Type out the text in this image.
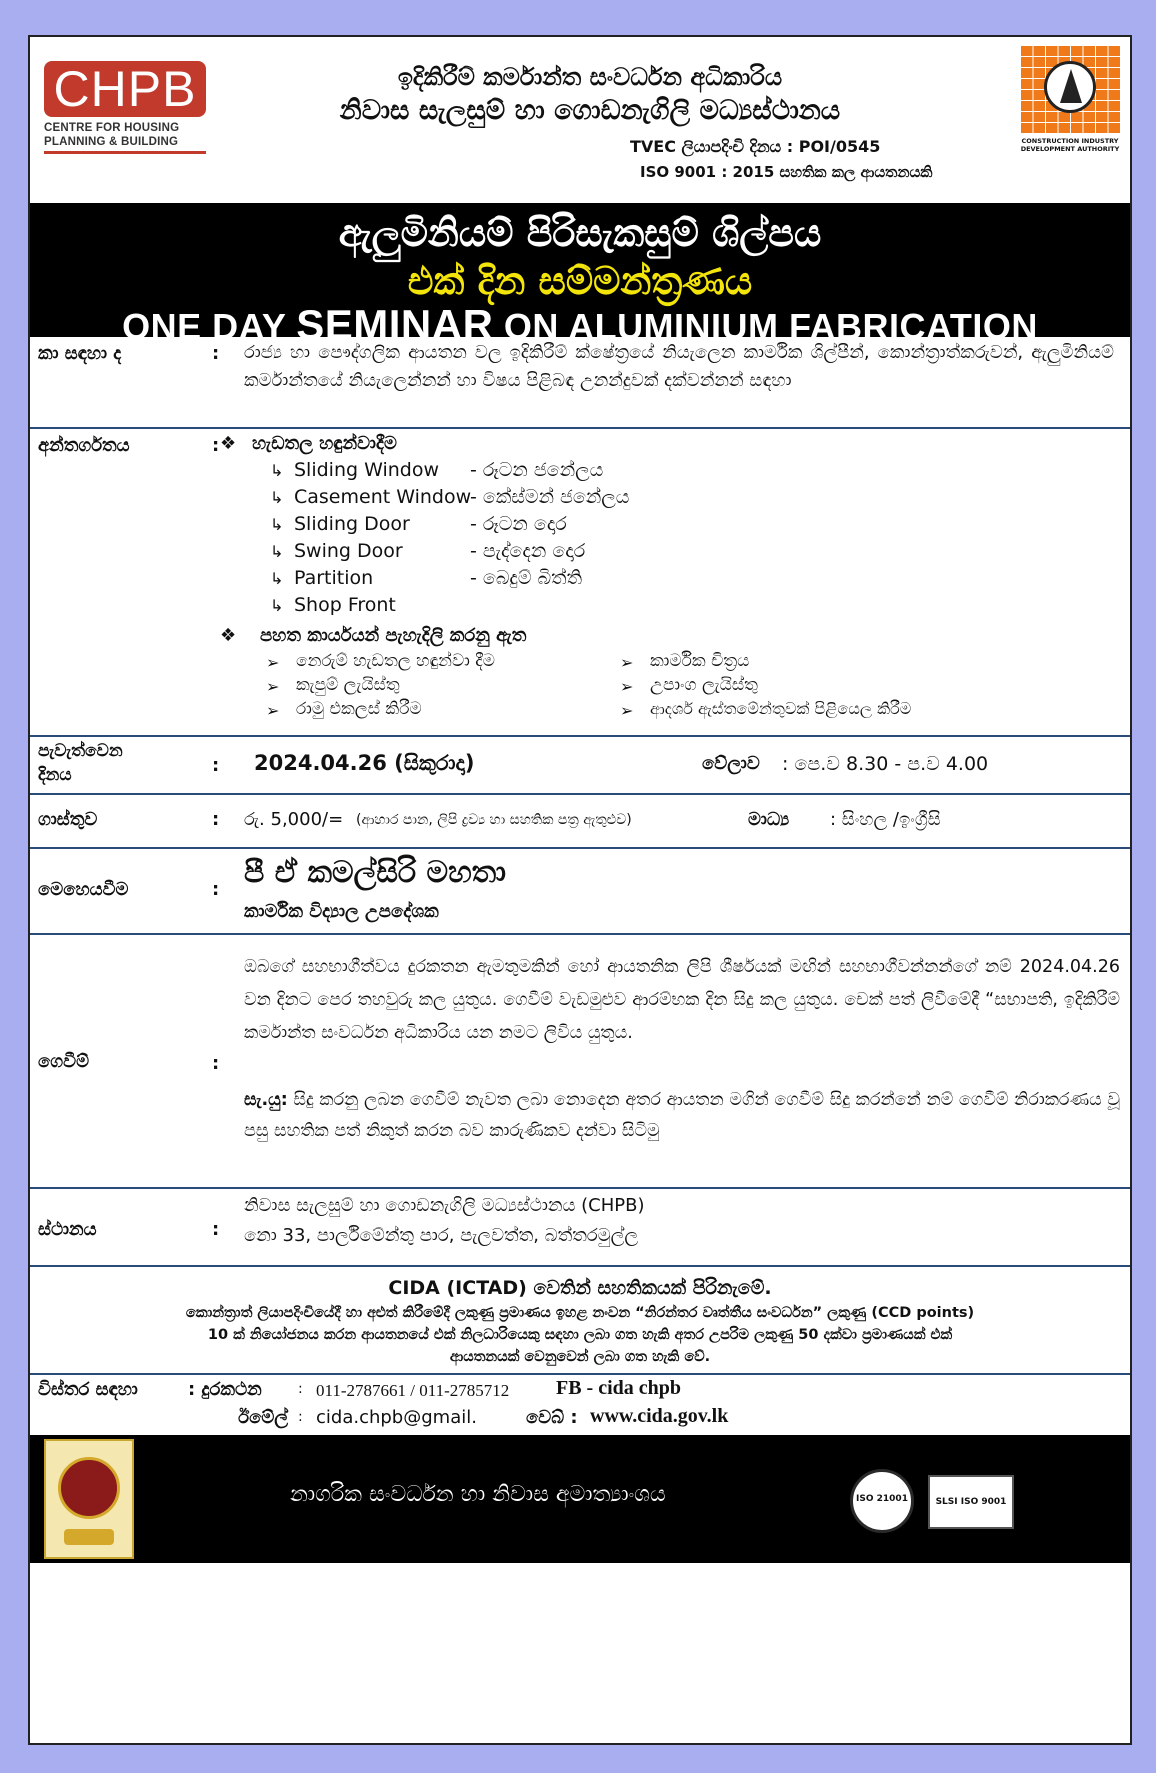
CHPB
CENTRE FOR HOUSING
PLANNING & BUILDING
ඉදිකිරීම් කර්මාන්ත සංවර්ධන අධිකාරිය
නිවාස සැලසුම් හා ගොඩනැගිලි මධ්‍යස්ථානය
TVEC ලියාපදිංචි දිනය : POI/0545
ISO 9001 : 2015 සහතික කල ආයතනයකි
CONSTRUCTION INDUSTRY DEVELOPMENT AUTHORITY
ඇලුමිනියම් පිරිසැකසුම් ශිල්පය
එක් දින සම්මන්ත්‍රණය
ONE DAY SEMINAR ON ALUMINIUM FABRICATION
කා සඳහා ද	: රාජ්‍ය හා පෞද්ගලික ආයතන වල ඉදිකිරීම් ක්ෂේත්‍රයේ නියැලෙන කාර්මික ශිල්පීන්, කොන්ත්‍රාත්කරුවන්, ඇලුමිනියම් කර්මාන්තයේ නියැලෙන්නන් හා විෂය පිළිබඳ උනන්දුවක් දක්වන්නන් සඳහා
අන්තර්ගතය	: ❖ හැඩතල හඳුන්වාදීම
↳ Sliding Window - රූටන ජනේලය
↳ Casement Window
- කේස්මන් ජනේලය
↳ Sliding Door	- රූටන දොර
↳ Swing Door	- පැද්දෙන දොර
↳ Partition	- බෙදුම් බිත්ති
↳ Shop Front
❖ පහත කාර්යයන් පැහැදිලි කරනු ඇත
➢ නෙරුම් හැඩතල හඳුන්වා දීම
➢ කැපුම් ලැයිස්තු
➢ රාමු එකලස් කිරීම
➢ කාර්මික චිත්‍රය
➢ උපාංග ලැයිස්තු
➢ ආදර්ශ ඇස්තමේන්තුවක් පිළියෙල කිරීම
පැවැත්වෙන
දිනය	: 2024.04.26 (සිකුරාදා)	වේලාව : පෙ.ව 8.30 - ප.ව 4.00
ගාස්තුව	: රු. 5,000/= (ආහාර පාන, ලිපි ද්‍රව්‍ය හා සහතික පත්‍ර ඇතුළුව)	මාධ්‍ය : සිංහල /ඉංග්‍රීසි
මෙහෙයවීම	: පී ඒ කමල්සිරි මහතා
කාර්මික විද්‍යාල උපදේශක
ගෙවීම්	:
ඔබගේ සහභාගීත්වය දුරකතන ඇමතුමකින් හෝ ආයතනික ලිපි ශීර්ෂයක් මඟින් සහභාගීවන්නන්ගේ නම් 2024.04.26 වන දිනට පෙර තහවුරු කල යුතුය. ගෙවීම් වැඩමුළුව ආරම්භක දින සිදු කල යුතුය. චෙක් පත් ලිවීමේදී “සභාපති, ඉදිකිරීම් කර්මාන්ත සංවර්ධන අධිකාරිය යන නමට ලිවිය යුතුය.
සැ.යු: සිදු කරනු ලබන ගෙවීම් නැවත ලබා නොදෙන අතර ආයතන මගින් ගෙවීම් සිදු කරන්නේ නම් ගෙවීම් නිරාකරණය වූ පසු සහතික පත් නිකුත් කරන බව කාරුණිකව දන්වා සිටිමු
ස්ථානය	:
නිවාස සැලසුම් හා ගොඩනැගිලි මධ්‍යස්ථානය (CHPB)
නො 33, පාර්ලිමේන්තු පාර, පැලවත්ත, බත්තරමුල්ල
CIDA (ICTAD) වෙතින් සහතිකයක් පිරිනැමේ.
කොන්ත්‍රාත් ලියාපදිංචියේදී හා අළුත් කිරීමේදී ලකුණු ප්‍රමාණය ඉහළ නංවන “නිරන්තර වෘත්තීය සංවර්ධන” ලකුණු (CCD points)
10 ක් නියෝජනය කරන ආයතනයේ එක් නිලධාරියෙකු සඳහා ලබා ගත හැකි අතර උපරිම ලකුණු 50 දක්වා ප්‍රමාණයක් එක්
ආයතනයක් වෙනුවෙන් ලබා ගත හැකි වේ.
විස්තර සඳහා	: දුරකථන	: 011-2787661 / 011-2785712 FB - cida chpb
ඊමේල් : cida.chpb@gmail.	වෙබ් : www.cida.gov.lk
නාගරික සංවර්ධන හා නිවාස අමාත්‍යාංශය	ISO 21001	SLSI ISO 9001
